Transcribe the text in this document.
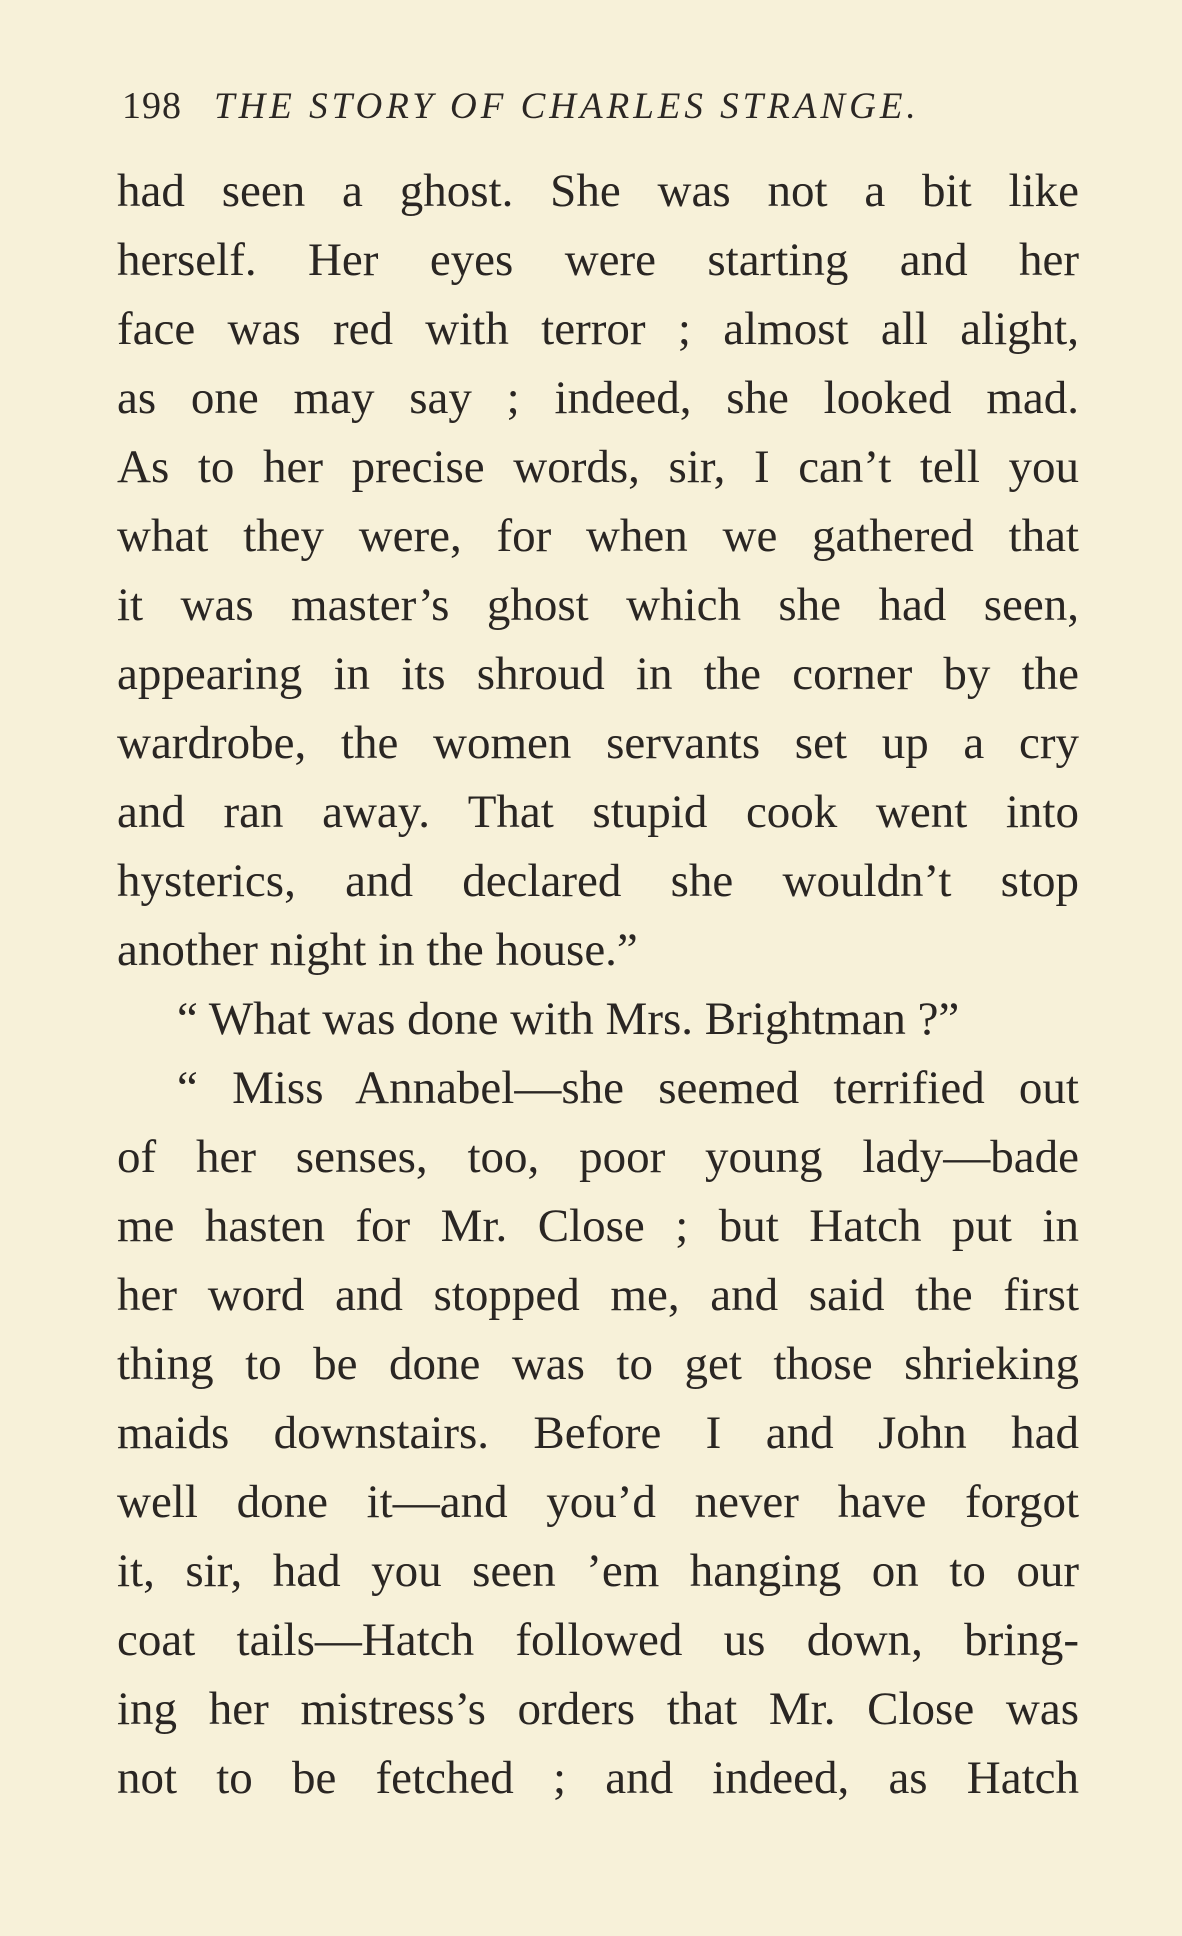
198 THE STORY OF CHARLES STRANGE.
had seen a ghost. She was not a bit like
herself. Her eyes were starting and her
face was red with terror ; almost all alight,
as one may say ; indeed, she looked mad.
As to her precise words, sir, I can’t tell you
what they were, for when we gathered that
it was master’s ghost which she had seen,
appearing in its shroud in the corner by the
wardrobe, the women servants set up a cry
and ran away. That stupid cook went into
hysterics, and declared she wouldn’t stop
another night in the house.”
“ What was done with Mrs. Brightman ?”
“ Miss Annabel—she seemed terrified out
of her senses, too, poor young lady—bade
me hasten for Mr. Close ; but Hatch put in
her word and stopped me, and said the first
thing to be done was to get those shrieking
maids downstairs. Before I and John had
well done it—and you’d never have forgot
it, sir, had you seen ’em hanging on to our
coat tails—Hatch followed us down, bring-
ing her mistress’s orders that Mr. Close was
not to be fetched ; and indeed, as Hatch
